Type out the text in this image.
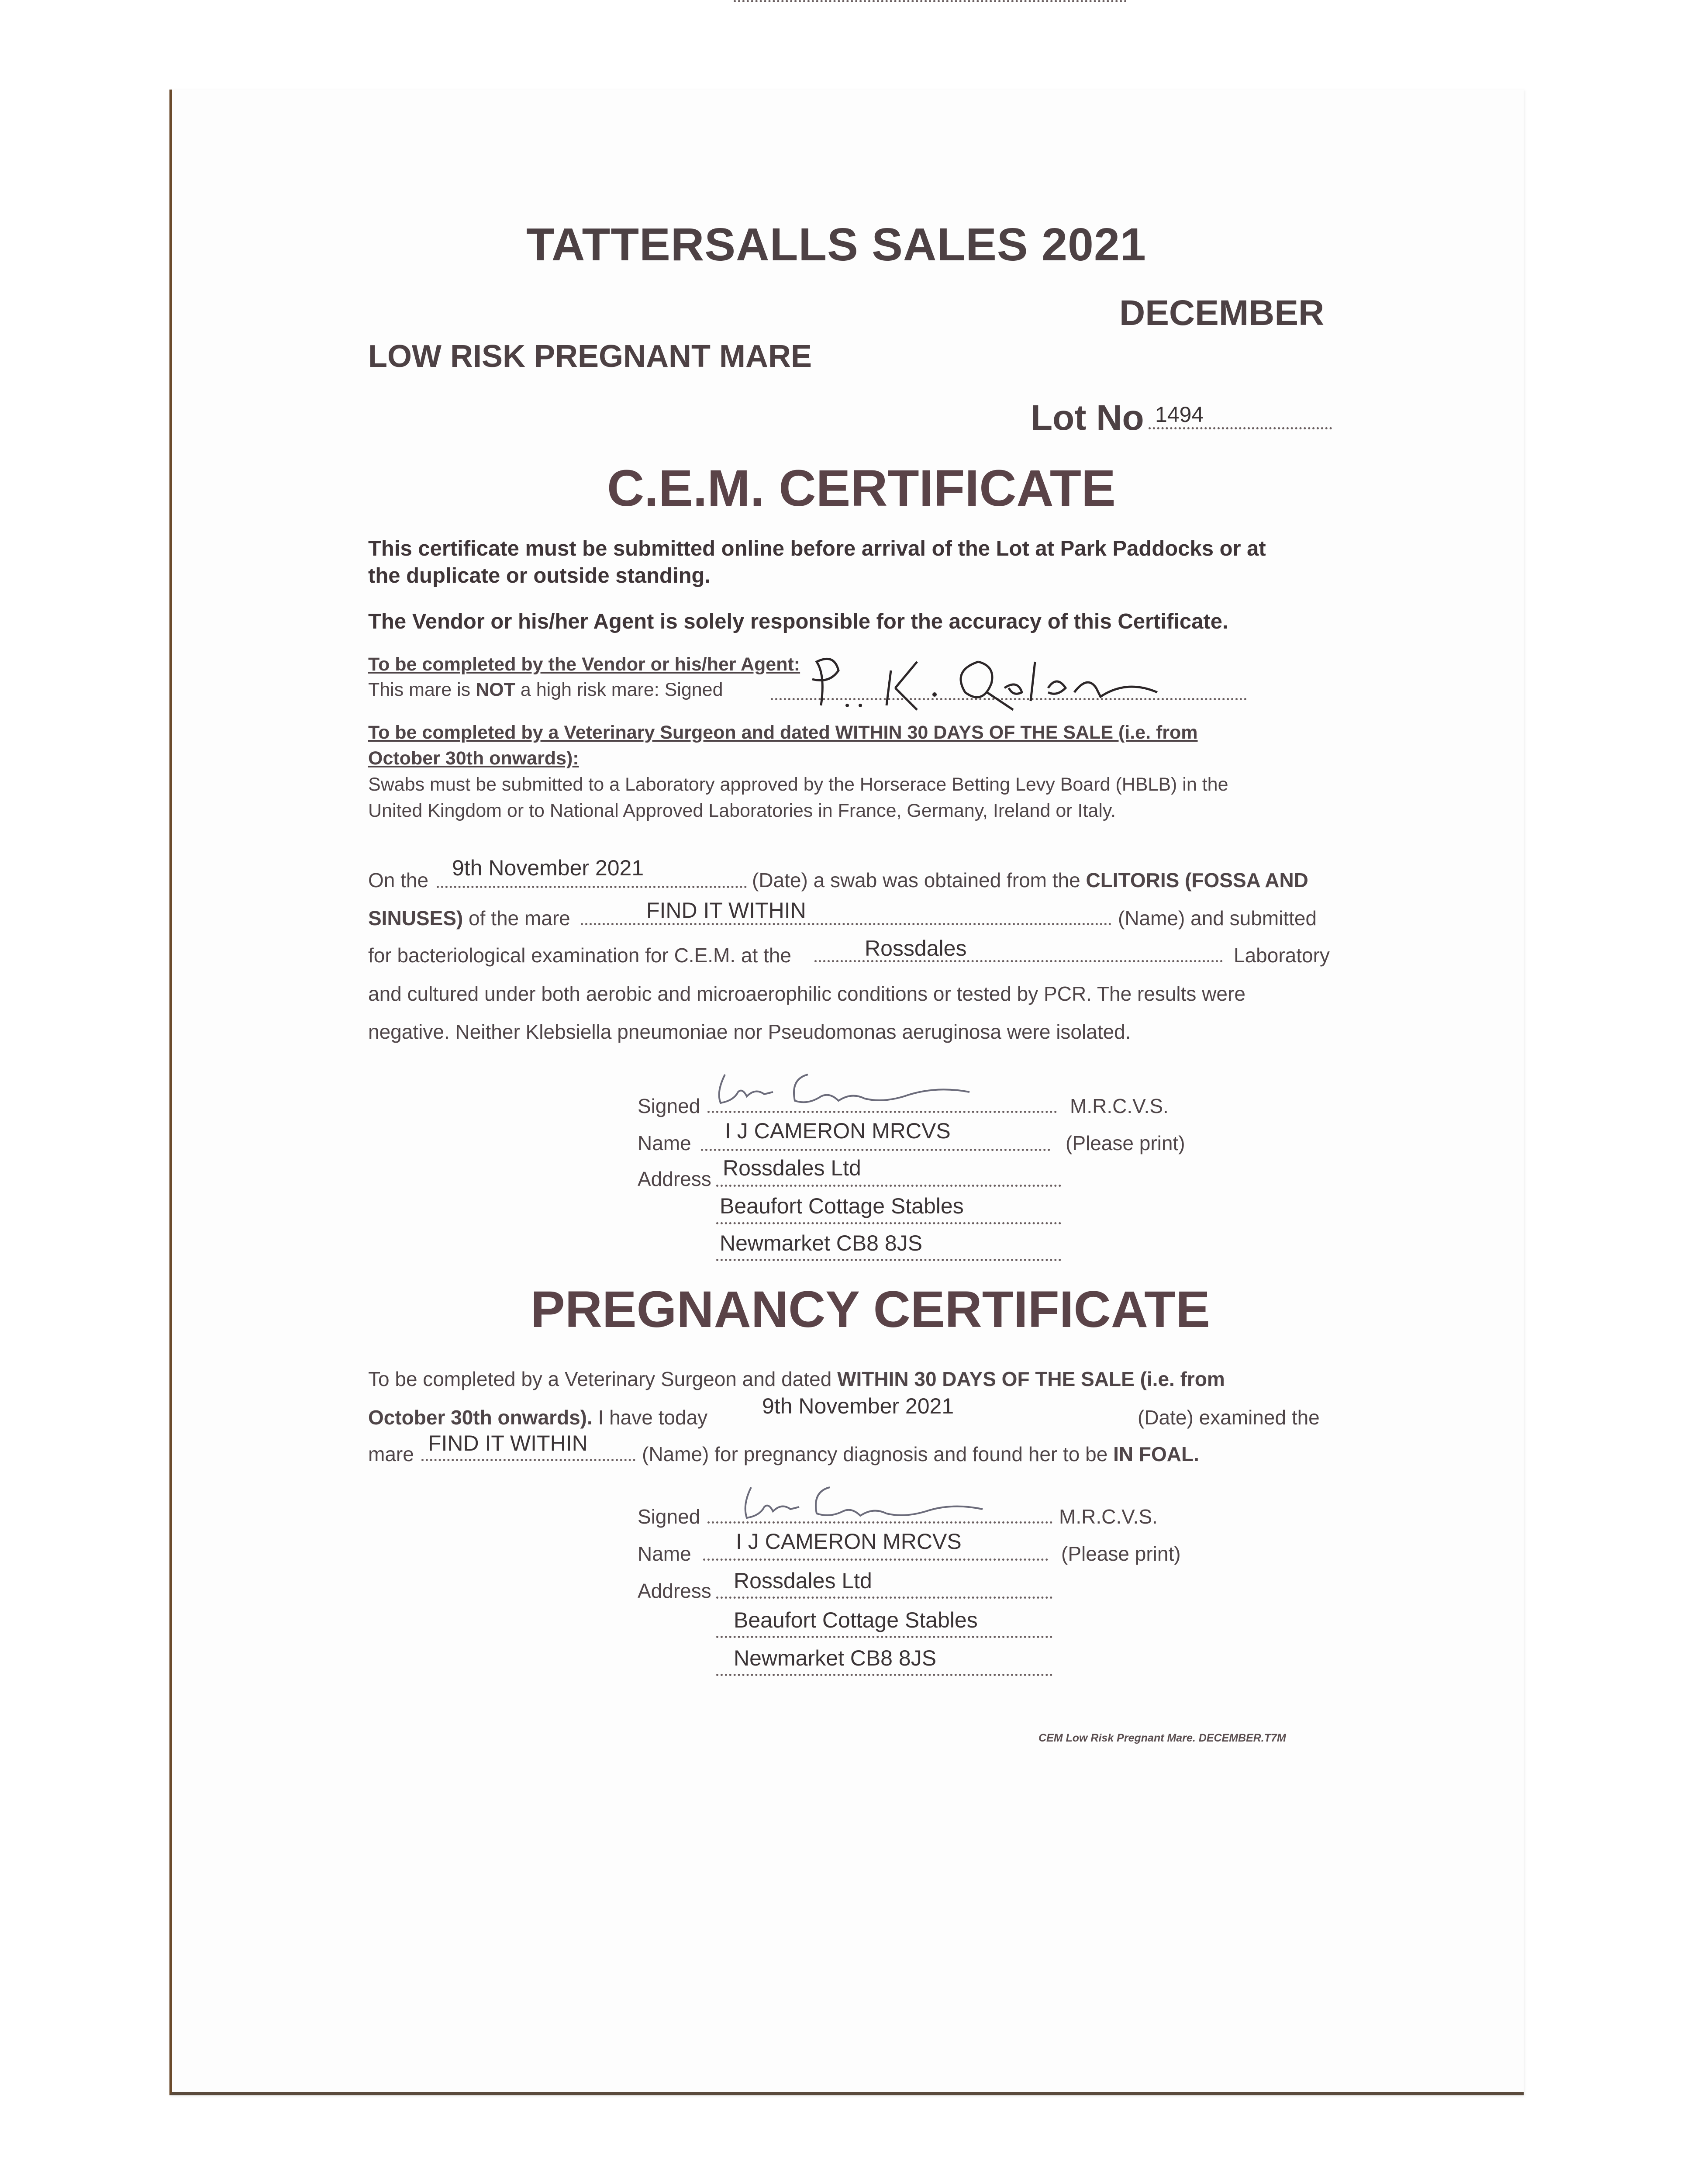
TATTERSALLS SALES 2021
DECEMBER
LOW RISK PREGNANT MARE
Lot No 1494
C.E.M. CERTIFICATE
This certificate must be submitted online before arrival of the Lot at Park Paddocks or at
the duplicate or outside standing.
The Vendor or his/her Agent is solely responsible for the accuracy of this Certificate.
To be completed by the Vendor or his/her Agent:
This mare is NOT a high risk mare: Signed
To be completed by a Veterinary Surgeon and dated WITHIN 30 DAYS OF THE SALE (i.e. from
October 30th onwards):
Swabs must be submitted to a Laboratory approved by the Horserace Betting Levy Board (HBLB) in the
United Kingdom or to National Approved Laboratories in France, Germany, Ireland or Italy.
On the 9th November 2021	(Date) a swab was obtained from the CLITORIS (FOSSA AND
SINUSES) of the mare	FIND IT WITHIN	(Name) and submitted
for bacteriological examination for C.E.M. at the	Rossdales	Laboratory
and cultured under both aerobic and microaerophilic conditions or tested by PCR. The results were
negative. Neither Klebsiella pneumoniae nor Pseudomonas aeruginosa were isolated.
Signed	M.R.C.V.S.
Name I J CAMERON MRCVS	(Please print)
Address Rossdales Ltd
Beaufort Cottage Stables
Newmarket CB8 8JS
PREGNANCY CERTIFICATE
To be completed by a Veterinary Surgeon and dated WITHIN 30 DAYS OF THE SALE (i.e. from
October 30th onwards). I have today 9th November 2021	(Date) examined the
mare FIND IT WITHIN	(Name) for pregnancy diagnosis and found her to be IN FOAL.
Signed	M.R.C.V.S.
Name I J CAMERON MRCVS	(Please print)
Address Rossdales Ltd
Beaufort Cottage Stables
Newmarket CB8 8JS
CEM Low Risk Pregnant Mare. DECEMBER.T7M
